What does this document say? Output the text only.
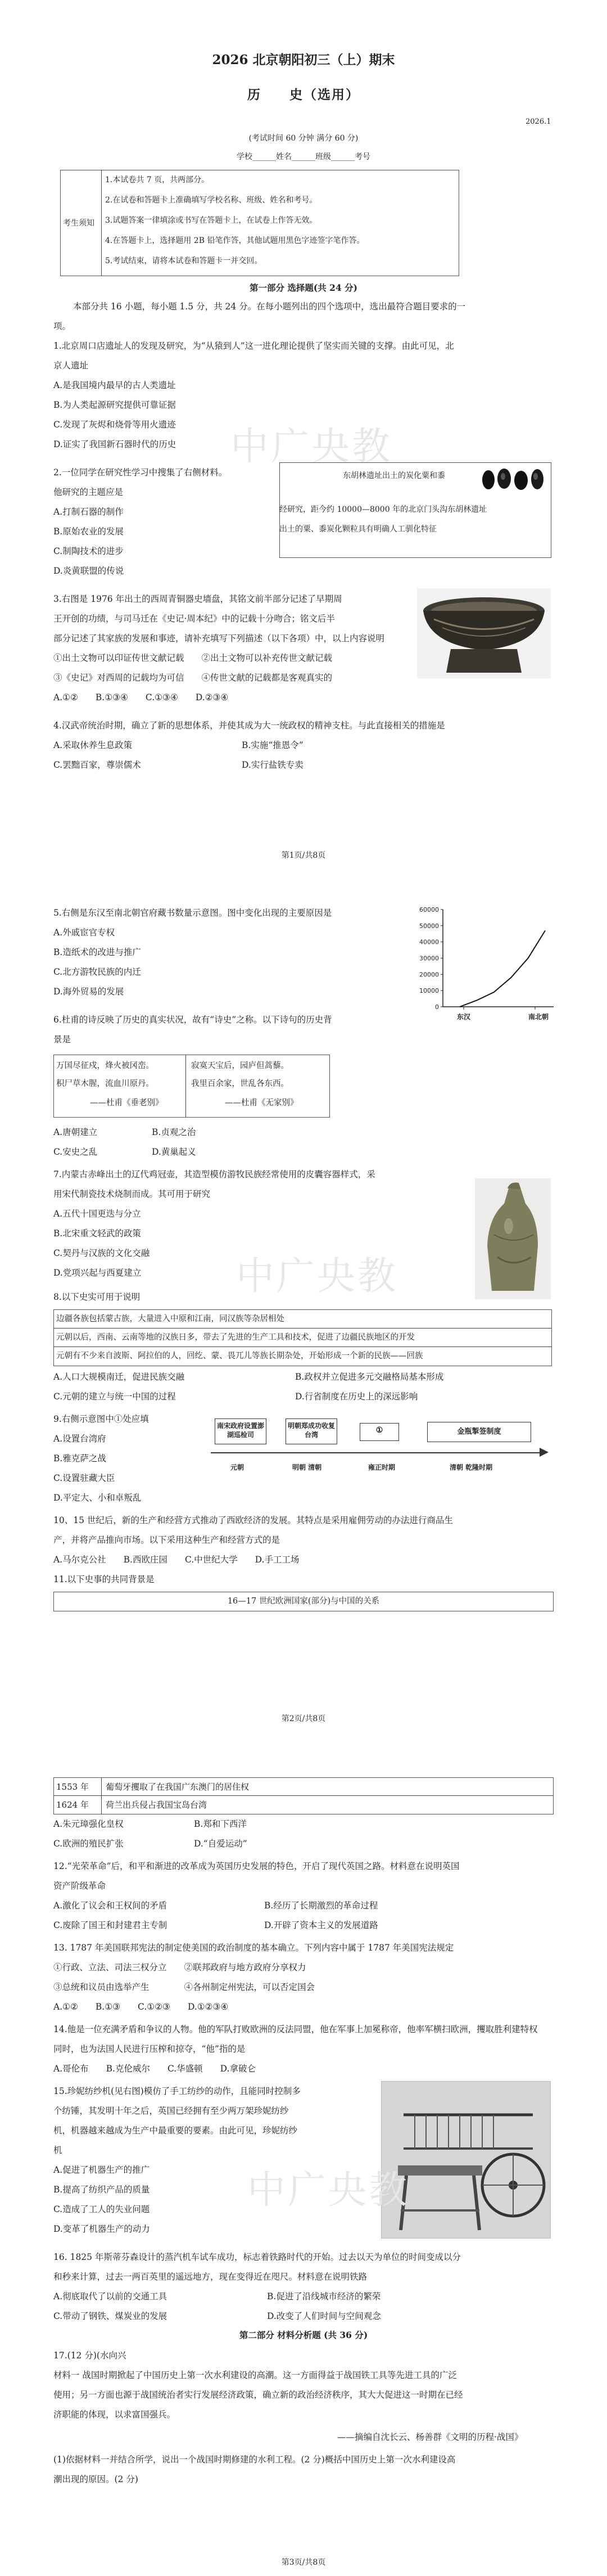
2026 北京朝阳初三（上）期末
历　　史（选用）
2026.1
(考试时间 60 分钟 满分 60 分)
学校______姓名______班级______考号
考生须知
1.本试卷共 7 页，共两部分。
2.在试卷和答题卡上准确填写学校名称、班级、姓名和考号。
3.试题答案一律填涂或书写在答题卡上，在试卷上作答无效。
4.在答题卡上，选择题用 2B 铅笔作答，其他试题用黑色字迹签字笔作答。
5.考试结束，请将本试卷和答题卡一并交回。
第一部分 选择题(共 24 分)
本部分共 16 小题，每小题 1.5 分，共 24 分。在每小题列出的四个选项中，选出最符合题目要求的一
项。
1.北京周口店遗址人的发现及研究，为“从猿到人”这一进化理论提供了坚实而关键的支撑。由此可见，北
京人遗址
A.是我国境内最早的古人类遗址
B.为人类起源研究提供可靠证据
C.发现了灰烬和烧骨等用火遗迹
D.证实了我国新石器时代的历史 中广央教
2.一位同学在研究性学习中搜集了右侧材料。
他研究的主题应是
A.打制石器的制作
B.原始农业的发展
C.制陶技术的进步
D.炎黄联盟的传说
东胡林遗址出土的炭化粟和黍
经研究，距今约 10000—8000 年的北京门头沟东胡林遗址
出土的粟、黍炭化颗粒具有明确人工驯化特征
3.右图是 1976 年出土的西周青铜器史墙盘，其铭文前半部分记述了早期周
王开创的功绩，与司马迁在《史记·周本纪》中的记载十分吻合；铭文后半
部分记述了其家族的发展和事迹，请补充填写下列描述（以下各项）中，以上内容说明
①出土文物可以印证传世文献记载　　②出土文物可以补充传世文献记载
③《史记》对西周的记载均为可信　　④传世文献的记载都是客观真实的
A.①②　　B.①③④　　C.①③④　　D.②③④
4.汉武帝统治时期，确立了新的思想体系，并使其成为大一统政权的精神支柱。与此直接相关的措施是
A.采取休养生息政策	B.实施“推恩令”
C.罢黜百家，尊崇儒术	D.实行盐铁专卖
第1页/共8页
5.右侧是东汉至南北朝官府藏书数量示意图。图中变化出现的主要原因是
A.外戚宦官专权
B.造纸术的改进与推广
C.北方游牧民族的内迁
D.海外贸易的发展
0
10000
20000
30000
40000
50000
60000
东汉	南北朝
6.杜甫的诗反映了历史的真实状况，故有“诗史”之称。以下诗句的历史背
景是
万国尽征戍，烽火被冈峦。
积尸草木腥，流血川原丹。
——杜甫《垂老别》
寂寞天宝后，园庐但蒿藜。
我里百余家，世乱各东西。
——杜甫《无家别》
A.唐朝建立	B.贞观之治
C.安史之乱	D.黄巢起义
7.内蒙古赤峰出土的辽代鸡冠壶，其造型模仿游牧民族经常使用的皮囊容器样式，采
用宋代制瓷技术烧制而成。其可用于研究
A.五代十国更迭与分立
B.北宋重文轻武的政策
C.契丹与汉族的文化交融
D.党项兴起与西夏建立 中广央教
8.以下史实可用于说明
边疆各族包括蒙古族，大量进入中原和江南，同汉族等杂居相处
元朝以后，西南、云南等地的汉族日多，带去了先进的生产工具和技术，促进了边疆民族地区的开发
元朝有不少来自波斯、阿拉伯的人，回纥、蒙、畏兀儿等族长期杂处，开始形成一个新的民族——回族
A.人口大规模南迁，促进民族交融	B.政权并立促进多元交融格局基本形成
C.元朝的建立与统一中国的过程	D.行省制度在历史上的深远影响
9.右侧示意图中①处应填
A.设置台湾府
B.雅克萨之战
C.设置驻藏大臣
D.平定大、小和卓叛乱
南宋政府设置澎湖巡检司
明朝郑成功收复台湾	①	金瓶掣签制度
元朝	明朝 清朝	雍正时期	清朝 乾隆时期
10、15 世纪后，新的生产和经营方式推动了西欧经济的发展。其特点是采用雇佣劳动的办法进行商品生
产，并将产品推向市场。以下采用这种生产和经营方式的是
A.马尔克公社　　B.西欧庄园　　C.中世纪大学　　D.手工工场
11.以下史事的共同背景是
16—17 世纪欧洲国家(部分)与中国的关系
第2页/共8页
1553 年 葡萄牙攫取了在我国广东澳门的居住权
1624 年 荷兰出兵侵占我国宝岛台湾
A.朱元璋强化皇权	B.郑和下西洋
C.欧洲的殖民扩张	D.“自爱运动”
12.“光荣革命”后，和平和渐进的改革成为英国历史发展的特色，开启了现代英国之路。材料意在说明英国
资产阶级革命
A.激化了议会和王权间的矛盾	B.经历了长期激烈的革命过程
C.废除了国王和封建君主专制	D.开辟了资本主义的发展道路
13. 1787 年美国联邦宪法的制定使美国的政治制度的基本确立。下列内容中属于 1787 年美国宪法规定
①行政、立法、司法三权分立　　②联邦政府与地方政府分享权力
③总统和议员由选举产生　　　　④各州制定州宪法，可以否定国会
A.①②　　B.①③　　C.①②③　　D.①②③④
14.他是一位充满矛盾和争议的人物。他的军队打败欧洲的反法同盟，他在军事上加冕称帝，他率军横扫欧洲，攫取胜利建特权
同时，也为法国人民进行压榨和掠夺，“他”指的是
A.哥伦布　　B.克伦威尔　　C.华盛顿　　D.拿破仑
15.珍妮纺纱机(见右图)模仿了手工纺纱的动作，且能同时控制多
个纺锤，其发明十年之后，英国已经拥有至少两万架珍妮纺纱
机，机器越来越成为生产中最重要的要素。由此可见，珍妮纺纱
机
A.促进了机器生产的推广
B.提高了纺织产品的质量
C.造成了工人的失业问题
D.变革了机器生产的动力
中广央教
16. 1825 年斯蒂芬森设计的蒸汽机车试车成功，标志着铁路时代的开始。过去以天为单位的时间变成以分
和秒来计算，过去一两百英里的遥远地方，现在变得近在咫尺。材料意在说明铁路
A.彻底取代了以前的交通工具	B.促进了沿线城市经济的繁荣
C.带动了钢铁、煤炭业的发展	D.改变了人们时间与空间观念
第二部分 材料分析题 (共 36 分)
17.(12 分)(水向兴
材料一 战国时期掀起了中国历史上第一次水利建设的高潮。这一方面得益于战国铁工具等先进工具的广泛
使用；另一方面也源于战国统治者实行发展经济政策，确立新的政治经济秩序，其大大促进这一时期在已经
济职能的体现，以求富国强兵。
——摘编自沈长云、杨善群《文明的历程·战国》
(1)依据材料一并结合所学，说出一个战国时期修建的水利工程。(2 分)概括中国历史上第一次水利建设高
潮出现的原因。(2 分)
第3页/共8页
